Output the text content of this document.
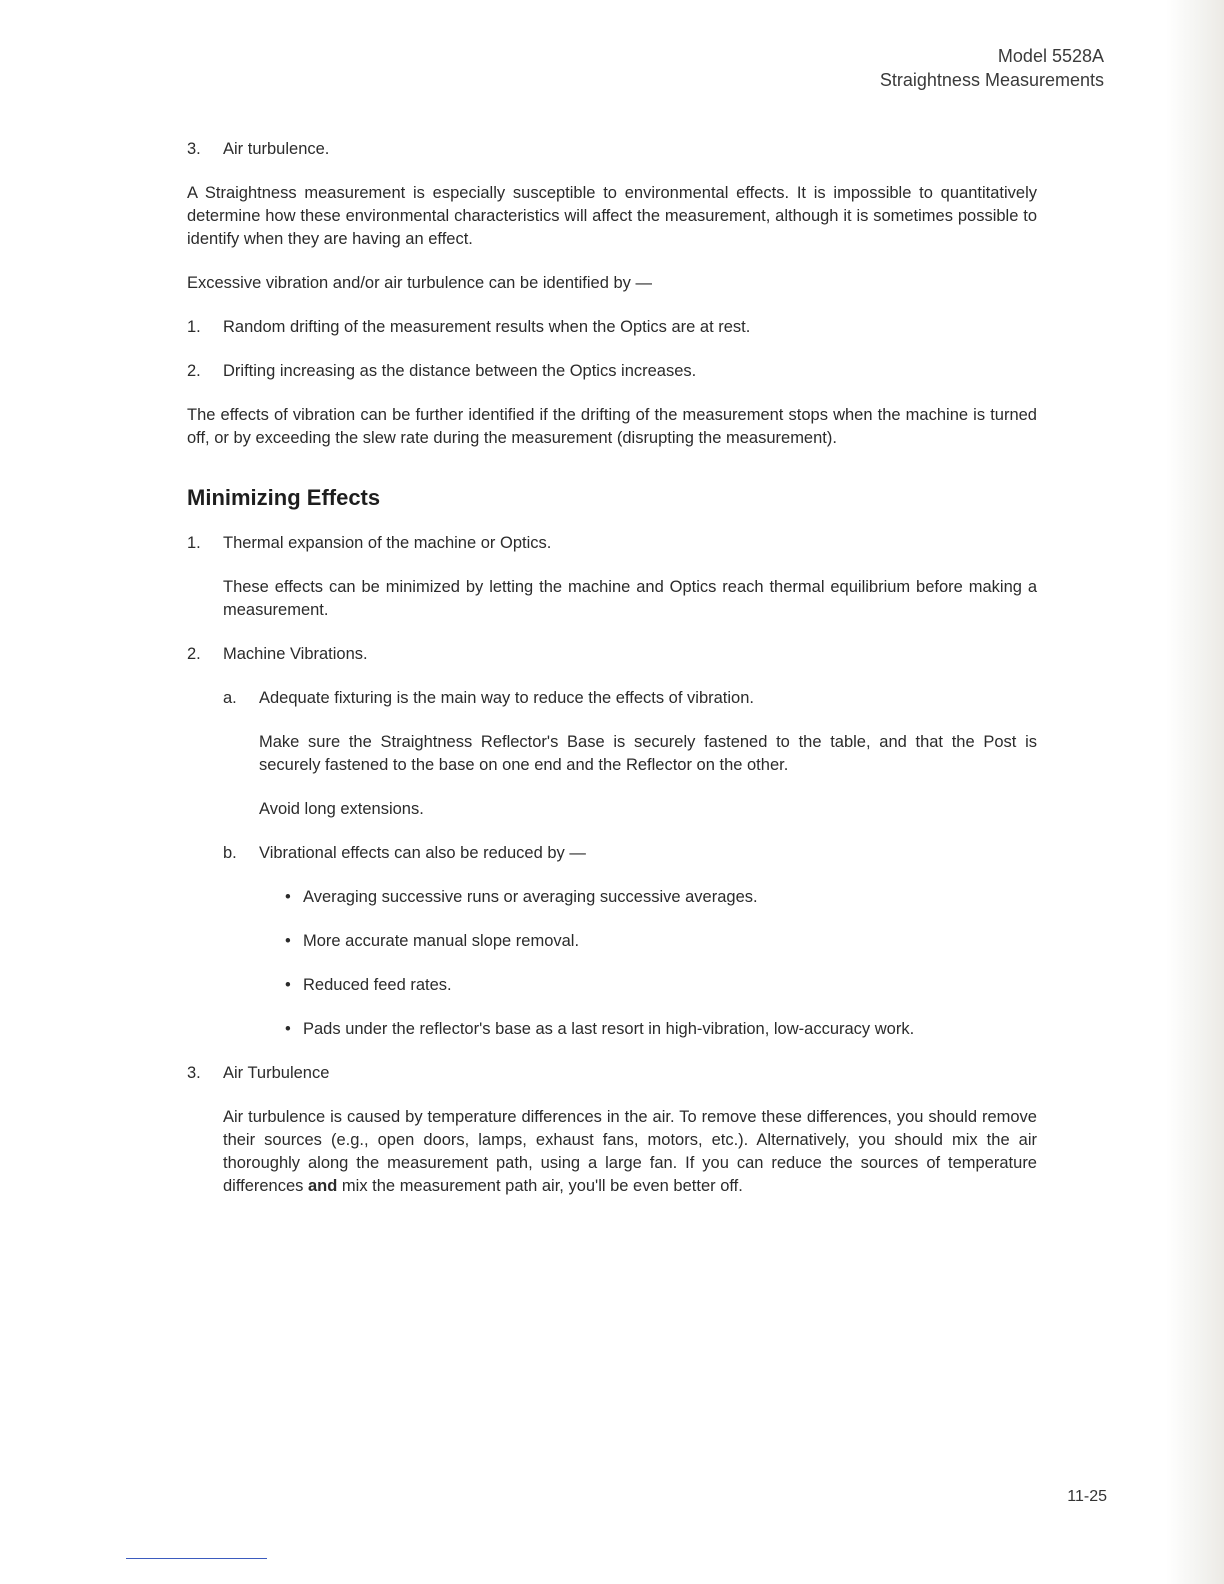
Model 5528A
Straightness Measurements

3. Air turbulence.

A Straightness measurement is especially susceptible to environmental effects. It is impossible to quantitatively determine how these environmental characteristics will affect the measurement, although it is sometimes possible to identify when they are having an effect.

Excessive vibration and/or air turbulence can be identified by —

1. Random drifting of the measurement results when the Optics are at rest.

2. Drifting increasing as the distance between the Optics increases.

The effects of vibration can be further identified if the drifting of the measurement stops when the machine is turned off, or by exceeding the slew rate during the measurement (disrupting the measurement).

Minimizing Effects

1. Thermal expansion of the machine or Optics.

These effects can be minimized by letting the machine and Optics reach thermal equilibrium before making a measurement.

2. Machine Vibrations.

a. Adequate fixturing is the main way to reduce the effects of vibration.

Make sure the Straightness Reflector's Base is securely fastened to the table, and that the Post is securely fastened to the base on one end and the Reflector on the other.

Avoid long extensions.

b. Vibrational effects can also be reduced by —

• Averaging successive runs or averaging successive averages.

• More accurate manual slope removal.

• Reduced feed rates.

• Pads under the reflector's base as a last resort in high-vibration, low-accuracy work.

3. Air Turbulence

Air turbulence is caused by temperature differences in the air. To remove these differences, you should remove their sources (e.g., open doors, lamps, exhaust fans, motors, etc.). Alternatively, you should mix the air thoroughly along the measurement path, using a large fan. If you can reduce the sources of temperature differences and mix the measurement path air, you'll be even better off.

11-25
